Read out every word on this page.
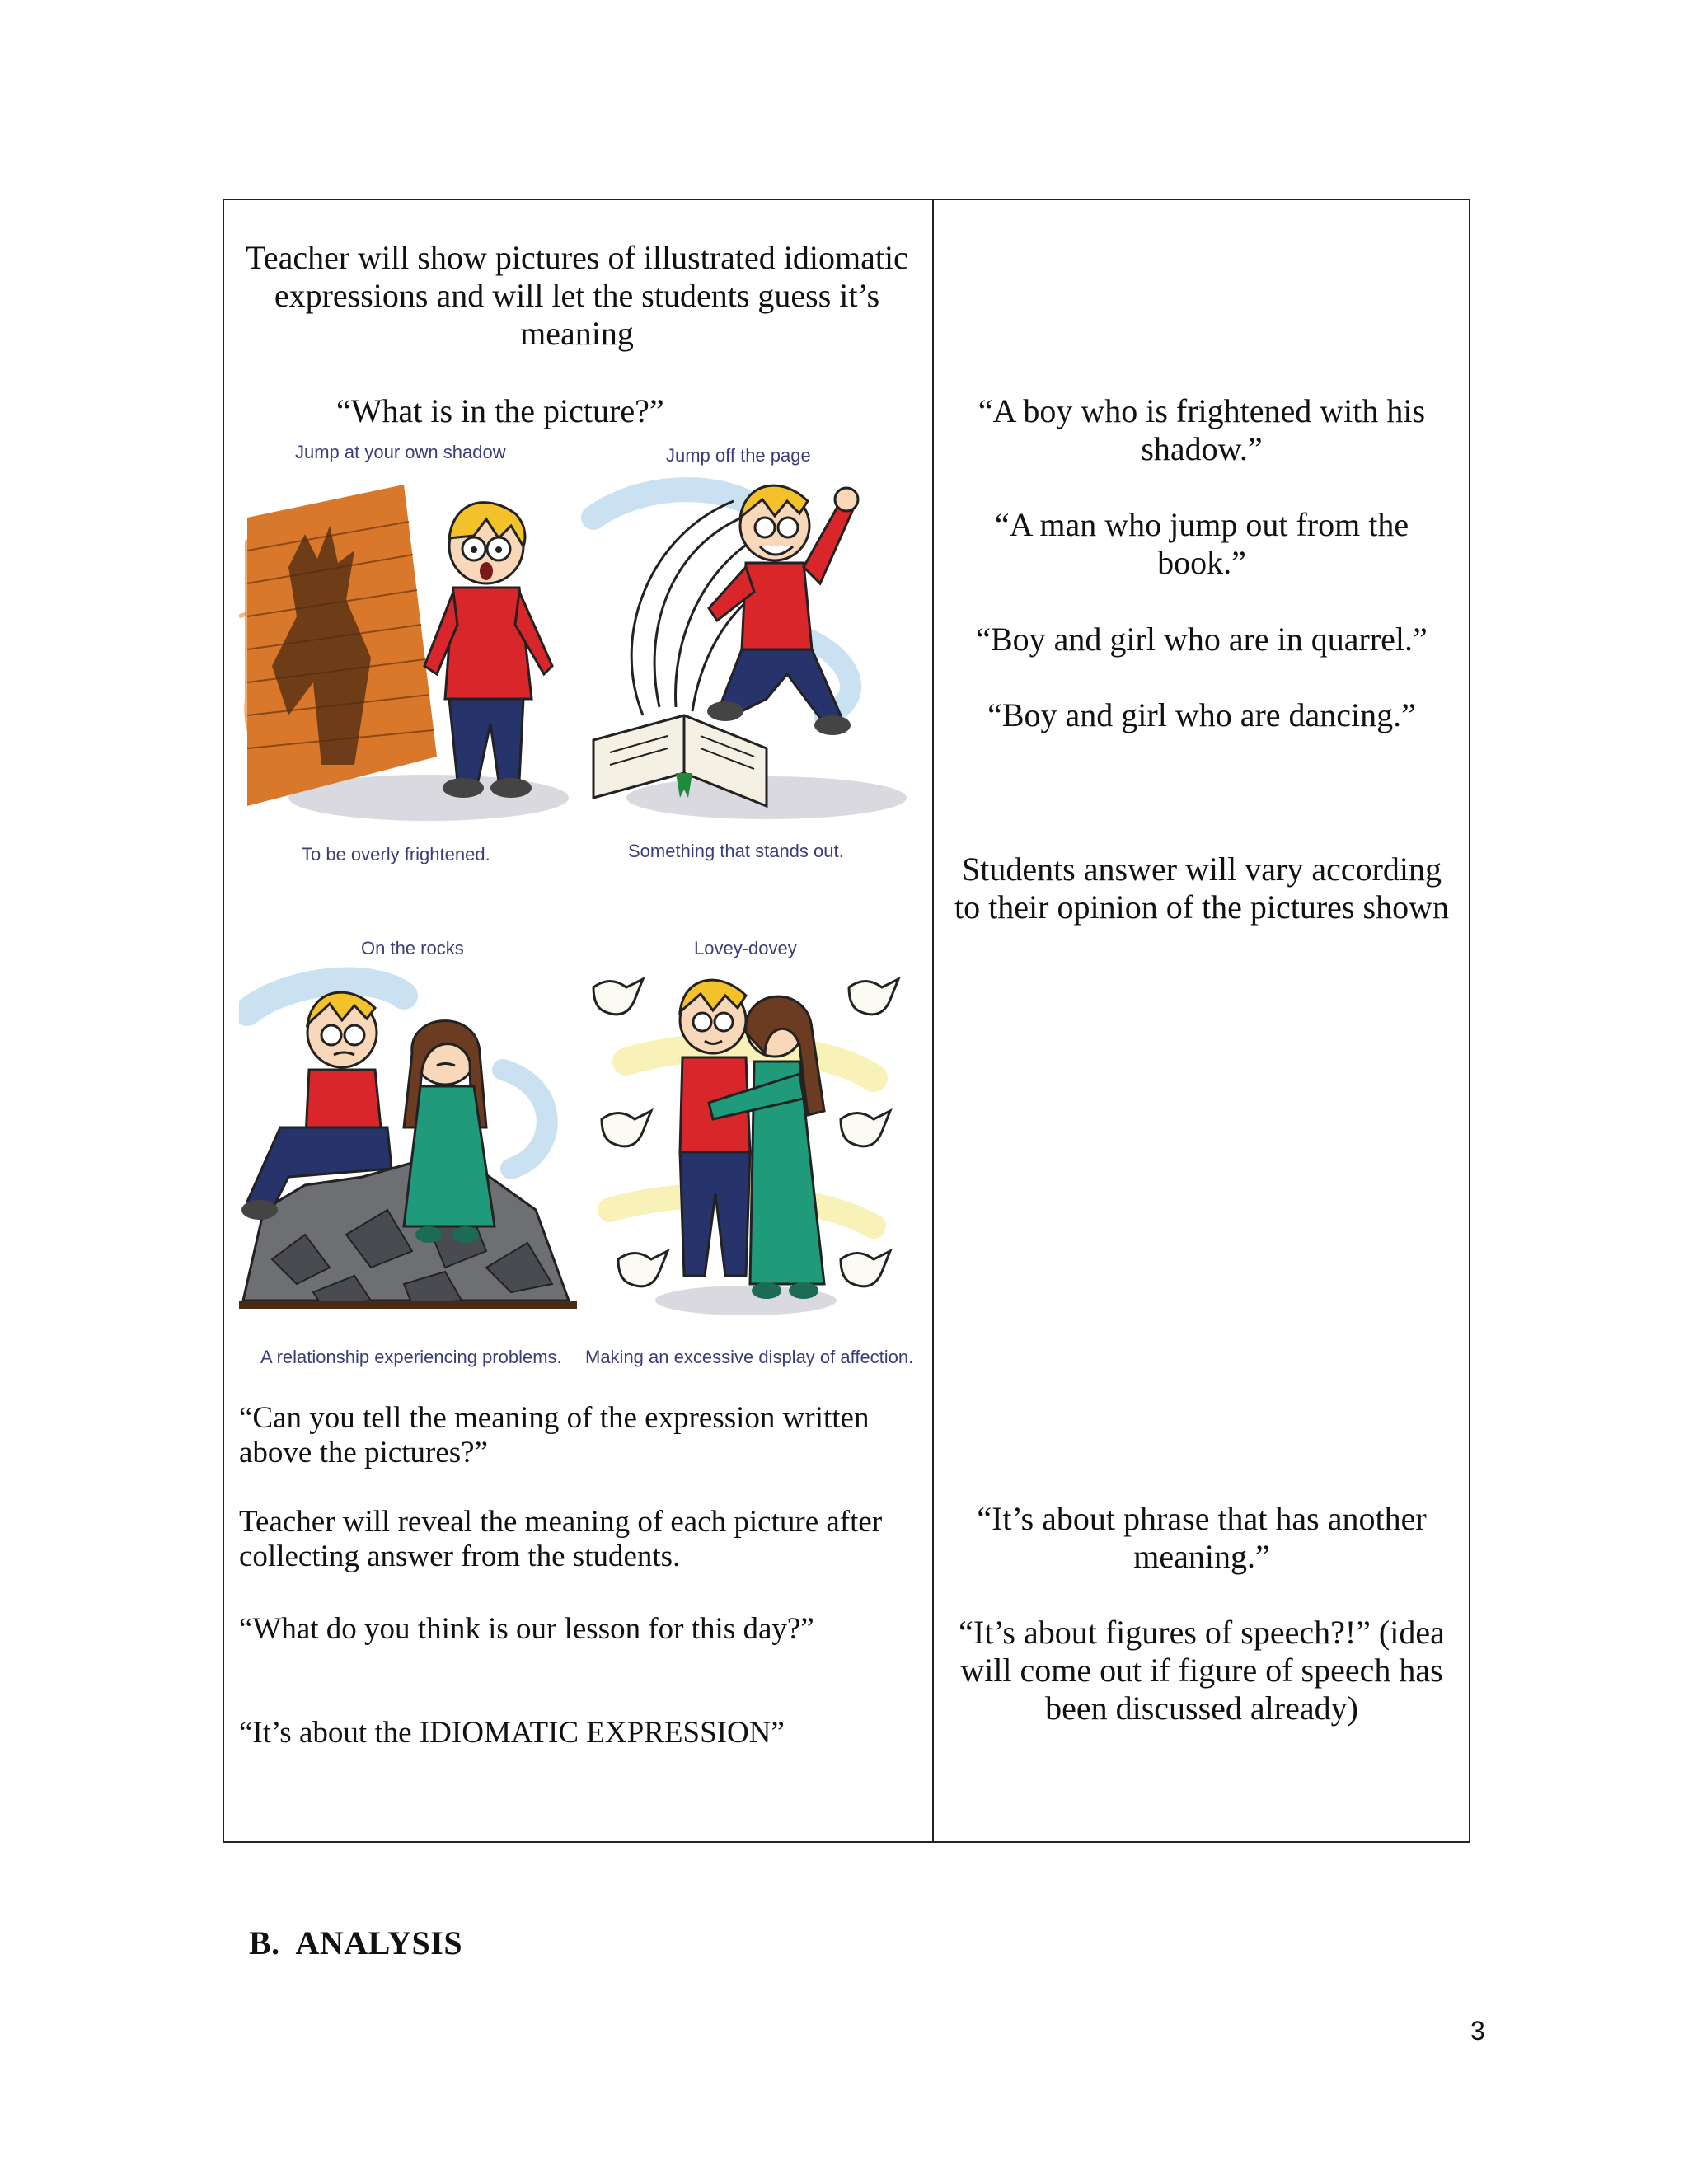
Teacher will show pictures of illustrated idiomatic expressions and will let the students guess it’s meaning
“What is in the picture?”
Jump at your own shadow
To be overly frightened.
Jump off the page
Something that stands out.
On the rocks
A relationship experiencing problems.
Lovey-dovey
Making an excessive display of affection.
“Can you tell the meaning of the expression written above the pictures?”
Teacher will reveal the meaning of each picture after collecting answer from the students.
“What do you think is our lesson for this day?”
“It’s about the IDIOMATIC EXPRESSION”
“A boy who is frightened with his shadow.”
“A man who jump out from the book.”
“Boy and girl who are in quarrel.”
“Boy and girl who are dancing.”
Students answer will vary according to their opinion of the pictures shown
“It’s about phrase that has another meaning.”
“It’s about figures of speech?!” (idea will come out if figure of speech has been discussed already)
B.  ANALYSIS
3
